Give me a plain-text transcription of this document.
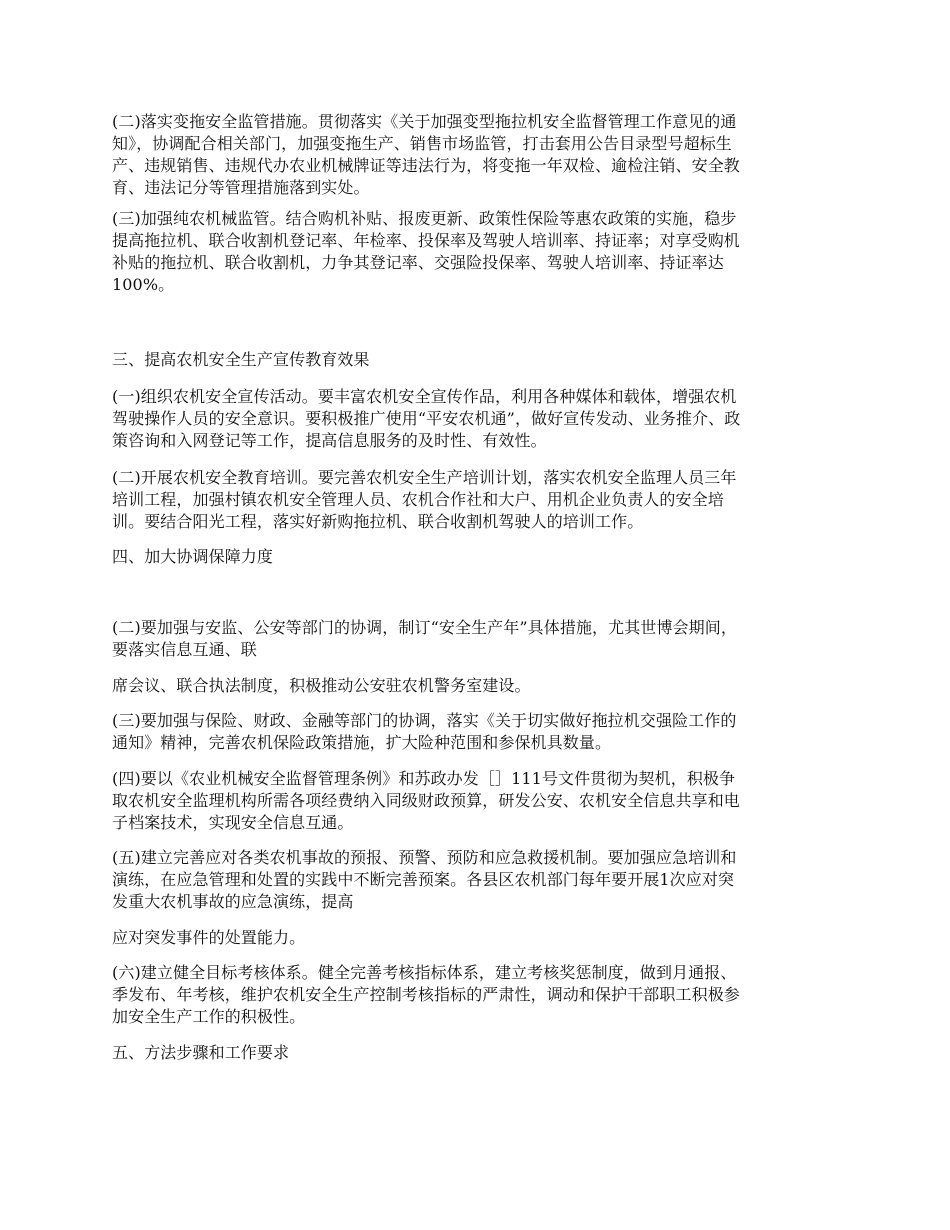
(二)落实变拖安全监管措施。贯彻落实《关于加强变型拖拉机安全监督管理工作意见的通
知》，协调配合相关部门，加强变拖生产、销售市场监管，打击套用公告目录型号超标生
产、违规销售、违规代办农业机械牌证等违法行为，将变拖一年双检、逾检注销、安全教
育、违法记分等管理措施落到实处。

(三)加强纯农机械监管。结合购机补贴、报废更新、政策性保险等惠农政策的实施，稳步
提高拖拉机、联合收割机登记率、年检率、投保率及驾驶人培训率、持证率；对享受购机
补贴的拖拉机、联合收割机，力争其登记率、交强险投保率、驾驶人培训率、持证率达
100%。

三、提高农机安全生产宣传教育效果

(一)组织农机安全宣传活动。要丰富农机安全宣传作品，利用各种媒体和载体，增强农机
驾驶操作人员的安全意识。要积极推广使用“平安农机通”，做好宣传发动、业务推介、政
策咨询和入网登记等工作，提高信息服务的及时性、有效性。

(二)开展农机安全教育培训。要完善农机安全生产培训计划，落实农机安全监理人员三年
培训工程，加强村镇农机安全管理人员、农机合作社和大户、用机企业负责人的安全培
训。要结合阳光工程，落实好新购拖拉机、联合收割机驾驶人的培训工作。

四、加大协调保障力度

(二)要加强与安监、公安等部门的协调，制订“安全生产年”具体措施，尤其世博会期间，
要落实信息互通、联

席会议、联合执法制度，积极推动公安驻农机警务室建设。

(三)要加强与保险、财政、金融等部门的协调，落实《关于切实做好拖拉机交强险工作的
通知》精神，完善农机保险政策措施，扩大险种范围和参保机具数量。

(四)要以《农业机械安全监督管理条例》和苏政办发［］111号文件贯彻为契机，积极争
取农机安全监理机构所需各项经费纳入同级财政预算，研发公安、农机安全信息共享和电
子档案技术，实现安全信息互通。

(五)建立完善应对各类农机事故的预报、预警、预防和应急救援机制。要加强应急培训和
演练，在应急管理和处置的实践中不断完善预案。各县区农机部门每年要开展1次应对突
发重大农机事故的应急演练，提高

应对突发事件的处置能力。

(六)建立健全目标考核体系。健全完善考核指标体系，建立考核奖惩制度，做到月通报、
季发布、年考核，维护农机安全生产控制考核指标的严肃性，调动和保护干部职工积极参
加安全生产工作的积极性。

五、方法步骤和工作要求
